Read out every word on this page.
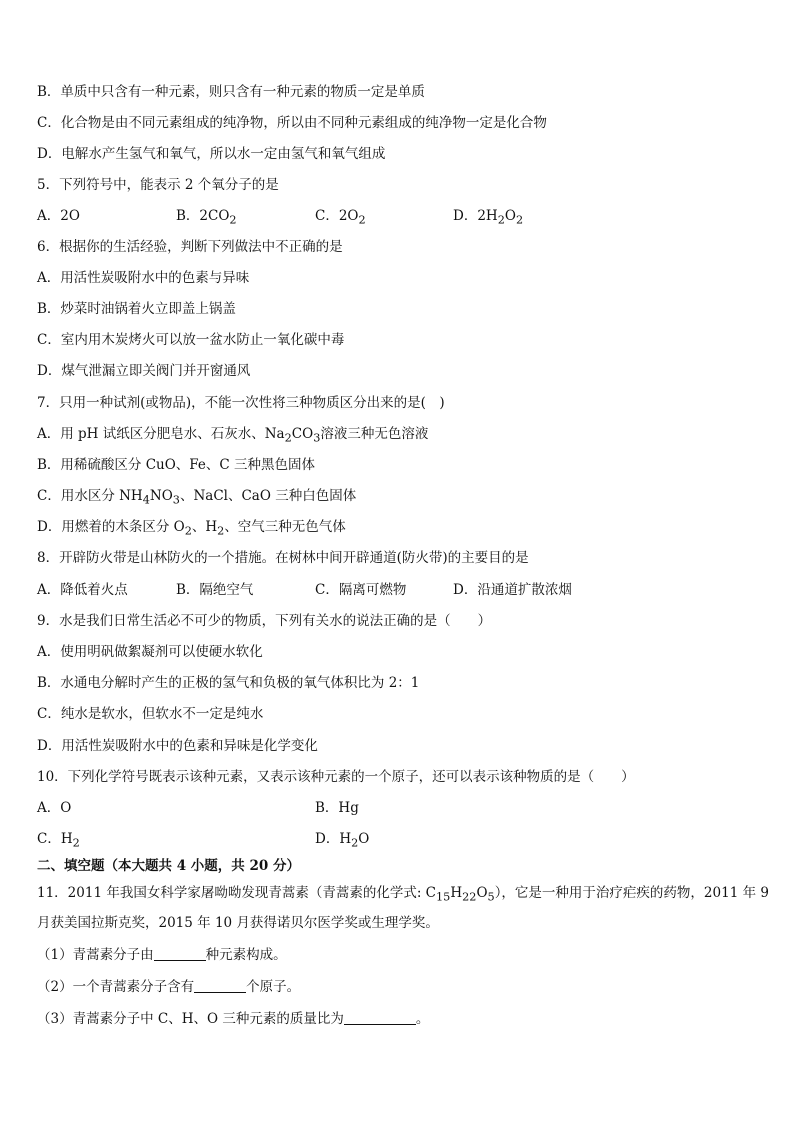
B．单质中只含有一种元素，则只含有一种元素的物质一定是单质
C．化合物是由不同元素组成的纯净物，所以由不同种元素组成的纯净物一定是化合物
D．电解水产生氢气和氧气，所以水一定由氢气和氧气组成
5．下列符号中，能表示 2 个氧分子的是
A．2O	B．$2CO_2$	C．$2O_2$	D．$2H_2O_2$
6．根据你的生活经验，判断下列做法中不正确的是
A．用活性炭吸附水中的色素与异味
B．炒菜时油锅着火立即盖上锅盖
C．室内用木炭烤火可以放一盆水防止一氧化碳中毒
D．煤气泄漏立即关阀门并开窗通风
7．只用一种试剂(或物品)，不能一次性将三种物质区分出来的是(　)
A．用 pH 试纸区分肥皂水、石灰水、$Na_2CO_3$溶液三种无色溶液
B．用稀硫酸区分 CuO、Fe、C 三种黑色固体
C．用水区分 $NH_4NO_3$、NaCl、CaO 三种白色固体
D．用燃着的木条区分 $O_2$、$H_2$、空气三种无色气体
8．开辟防火带是山林防火的一个措施。在树林中间开辟通道(防火带)的主要目的是
A．降低着火点	B．隔绝空气	C．隔离可燃物	D．沿通道扩散浓烟
9．水是我们日常生活必不可少的物质，下列有关水的说法正确的是（　　）
A．使用明矾做絮凝剂可以使硬水软化
B．水通电分解时产生的正极的氢气和负极的氧气体积比为 2：1
C．纯水是软水，但软水不一定是纯水
D．用活性炭吸附水中的色素和异味是化学变化
10．下列化学符号既表示该种元素，又表示该种元素的一个原子，还可以表示该种物质的是（　　）
A．O	B．Hg
C．$H_2$	D．$H_2O$
二、填空题（本大题共 4 小题，共 20 分）
11．2011 年我国女科学家屠呦呦发现青蒿素（青蒿素的化学式: $C_{15}H_{22}O_5$），它是一种用于治疗疟疾的药物，2011 年 9
月获美国拉斯克奖，2015 年 10 月获得诺贝尔医学奖或生理学奖。
（1）青蒿素分子由	种元素构成。
（2）一个青蒿素分子含有	个原子。
（3）青蒿素分子中 C、H、O 三种元素的质量比为	。
